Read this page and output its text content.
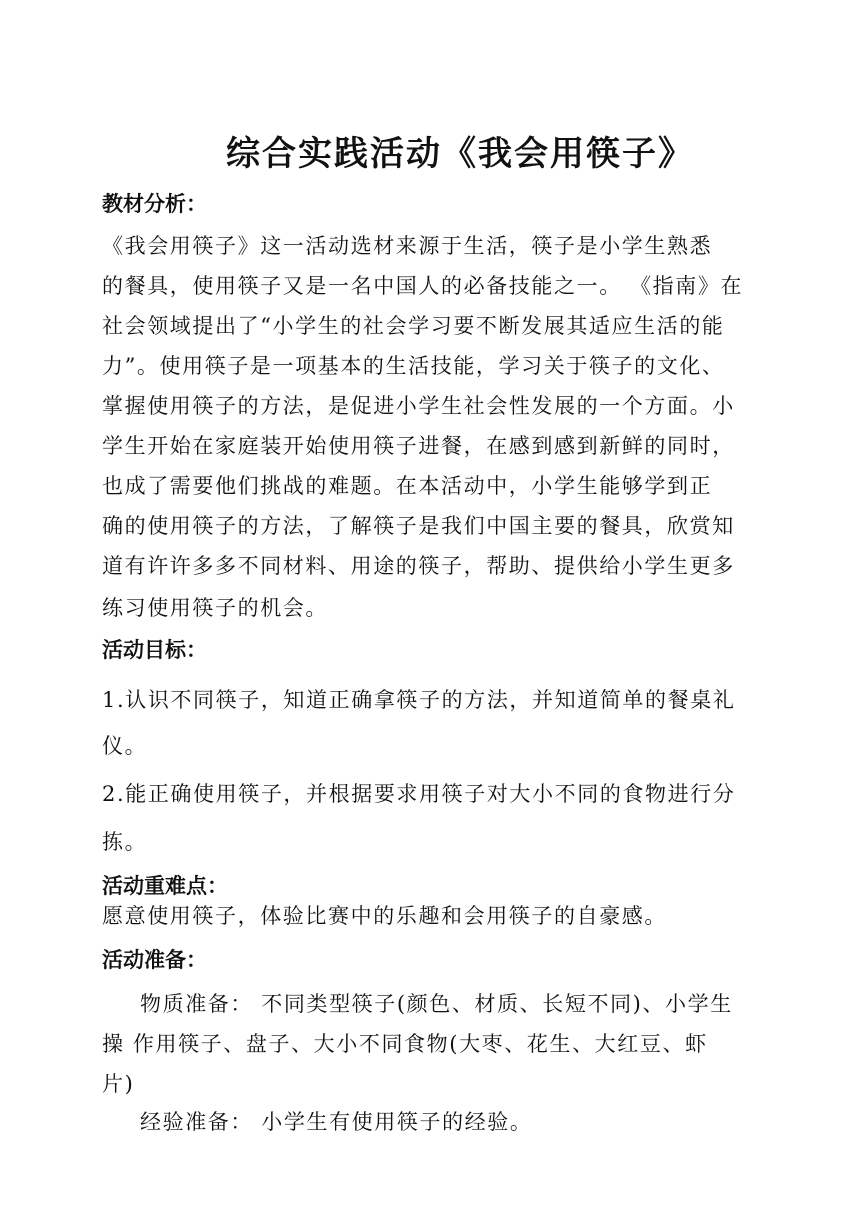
综合实践活动《我会用筷子》
教材分析：
《我会用筷子》这一活动选材来源于生活，筷子是小学生熟悉
的餐具，使用筷子又是一名中国人的必备技能之一。 《指南》在
社会领域提出了“小学生的社会学习要不断发展其适应生活的能
力”。使用筷子是一项基本的生活技能，学习关于筷子的文化、
掌握使用筷子的方法，是促进小学生社会性发展的一个方面。小
学生开始在家庭装开始使用筷子进餐，在感到感到新鲜的同时，
也成了需要他们挑战的难题。在本活动中，小学生能够学到正
确的使用筷子的方法，了解筷子是我们中国主要的餐具，欣赏知
道有许许多多不同材料、用途的筷子，帮助、提供给小学生更多
练习使用筷子的机会。
活动目标：
1.认识不同筷子，知道正确拿筷子的方法，并知道简单的餐桌礼
仪。
2.能正确使用筷子，并根据要求用筷子对大小不同的食物进行分
拣。
活动重难点：
愿意使用筷子，体验比赛中的乐趣和会用筷子的自豪感。
活动准备：
物质准备： 不同类型筷子(颜色、材质、长短不同)、小学生
操 作用筷子、盘子、大小不同食物(大枣、花生、大红豆、虾
片)
经验准备： 小学生有使用筷子的经验。
